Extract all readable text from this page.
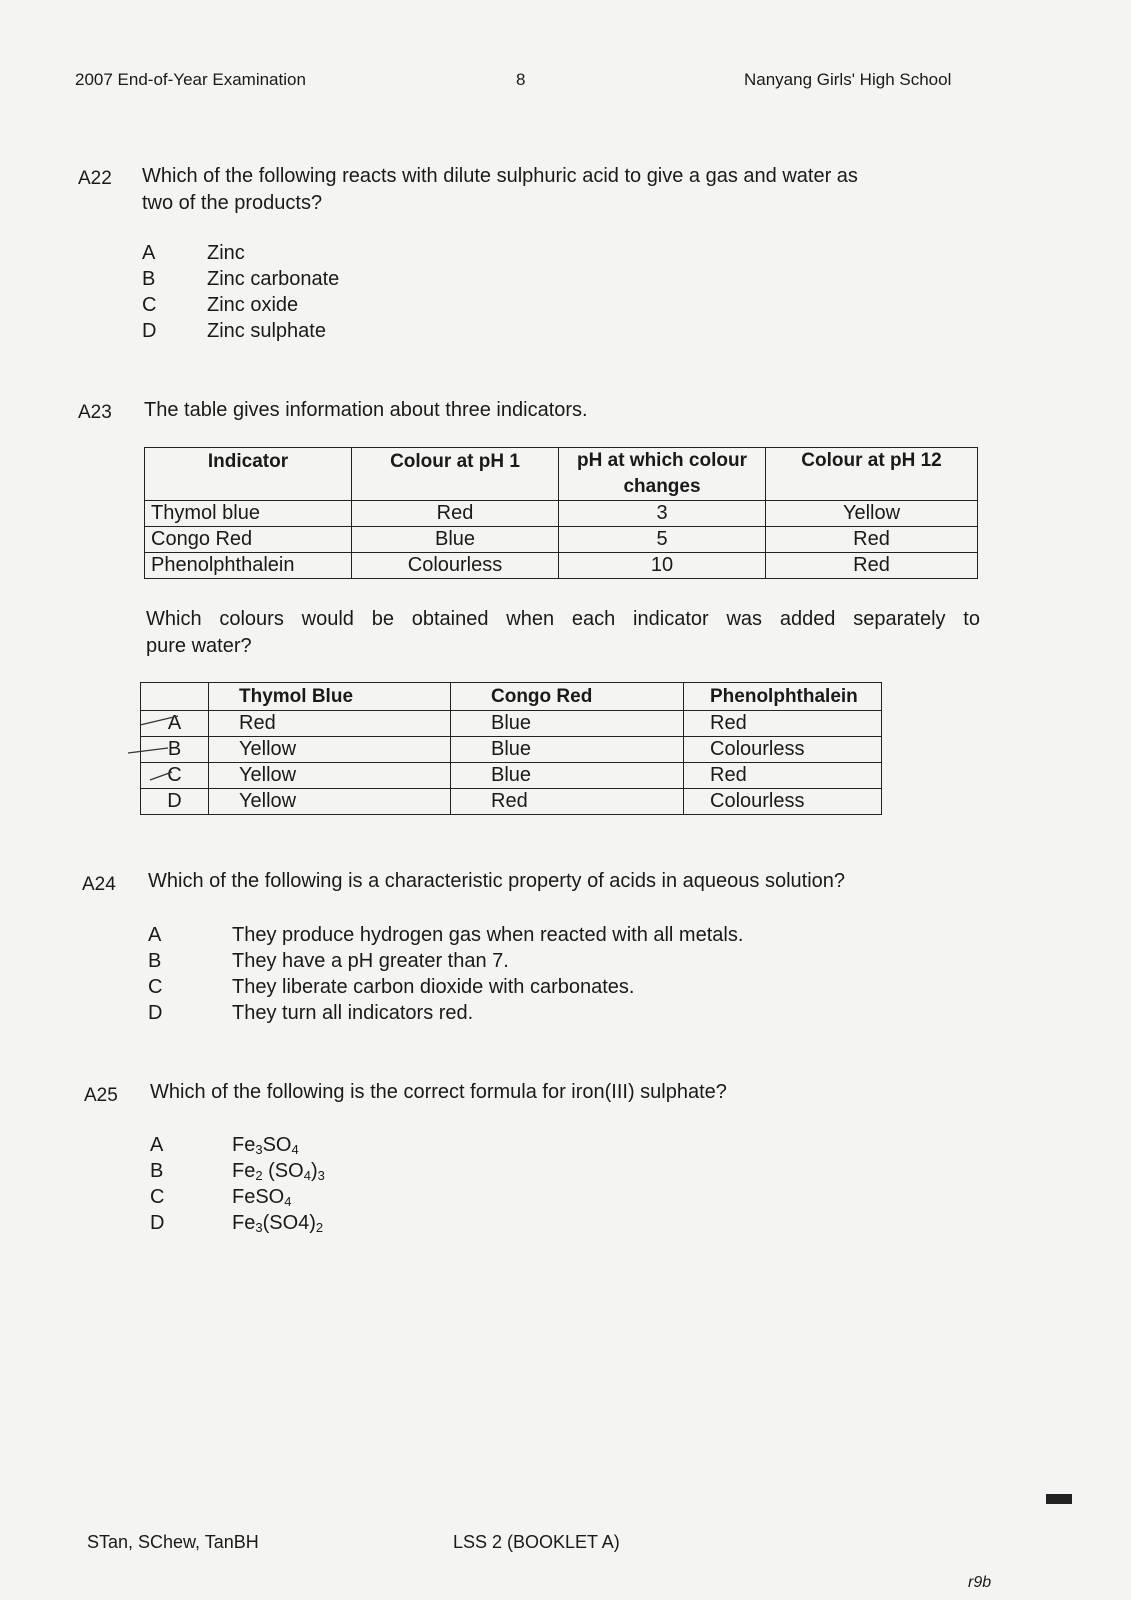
2007 End-of-Year Examination	8	Nanyang Girls' High School
A22 Which of the following reacts with dilute sulphuric acid to give a gas and water as
two of the products?
A	Zinc
B	Zinc carbonate
C	Zinc oxide
D	Zinc sulphate
A23 The table gives information about three indicators.
Indicator	Colour at pH 1	pH at which colour changes	Colour at pH 12
Thymol blue	Red	3	Yellow
Congo Red	Blue	5	Red
Phenolphthalein	Colourless	10	Red
Which colours would be obtained when each indicator was added separately to
pure water?
	Thymol Blue	Congo Red	Phenolphthalein
A	Red	Blue	Red
B	Yellow	Blue	Colourless
C	Yellow	Blue	Red
D	Yellow	Red	Colourless
A24 Which of the following is a characteristic property of acids in aqueous solution?
A	They produce hydrogen gas when reacted with all metals.
B	They have a pH greater than 7.
C	They liberate carbon dioxide with carbonates.
D	They turn all indicators red.
A25 Which of the following is the correct formula for iron(III) sulphate?
A	$Fe_3SO_4$
B	$Fe_2$ $(SO_4)_3$
C	FeSO$_4$
D	$Fe_3(SO4)_2$
STan, SChew, TanBH	LSS 2 (BOOKLET A)
r9b
